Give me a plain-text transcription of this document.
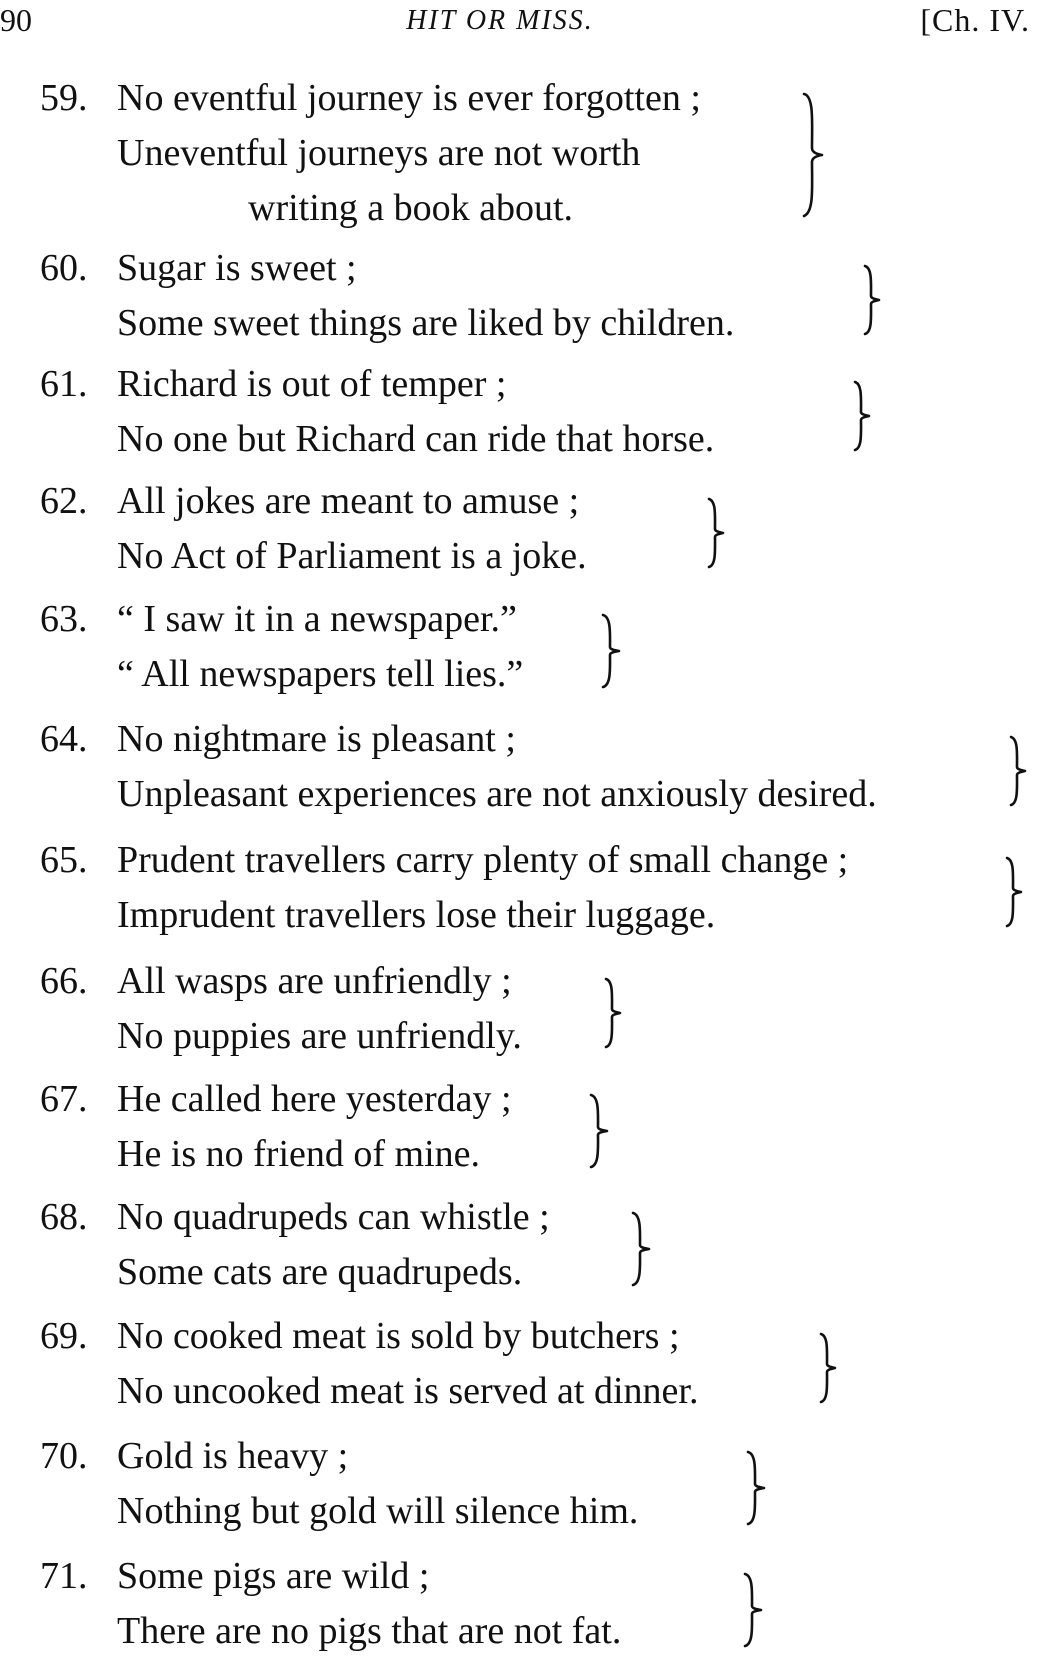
90	HIT OR MISS.	[Ch. IV.
59. No eventful journey is ever forgotten ;
Uneventful journeys are not worth
writing a book about.
60. Sugar is sweet ;
Some sweet things are liked by children.
61. Richard is out of temper ;
No one but Richard can ride that horse.
62. All jokes are meant to amuse ;
No Act of Parliament is a joke.
63. “ I saw it in a newspaper.”
“ All newspapers tell lies.”
64. No nightmare is pleasant ;
Unpleasant experiences are not anxiously desired.
65. Prudent travellers carry plenty of small change ;
Imprudent travellers lose their luggage.
66. All wasps are unfriendly ;
No puppies are unfriendly.
67. He called here yesterday ;
He is no friend of mine.
68. No quadrupeds can whistle ;
Some cats are quadrupeds.
69. No cooked meat is sold by butchers ;
No uncooked meat is served at dinner.
70. Gold is heavy ;
Nothing but gold will silence him.
71. Some pigs are wild ;
There are no pigs that are not fat.
